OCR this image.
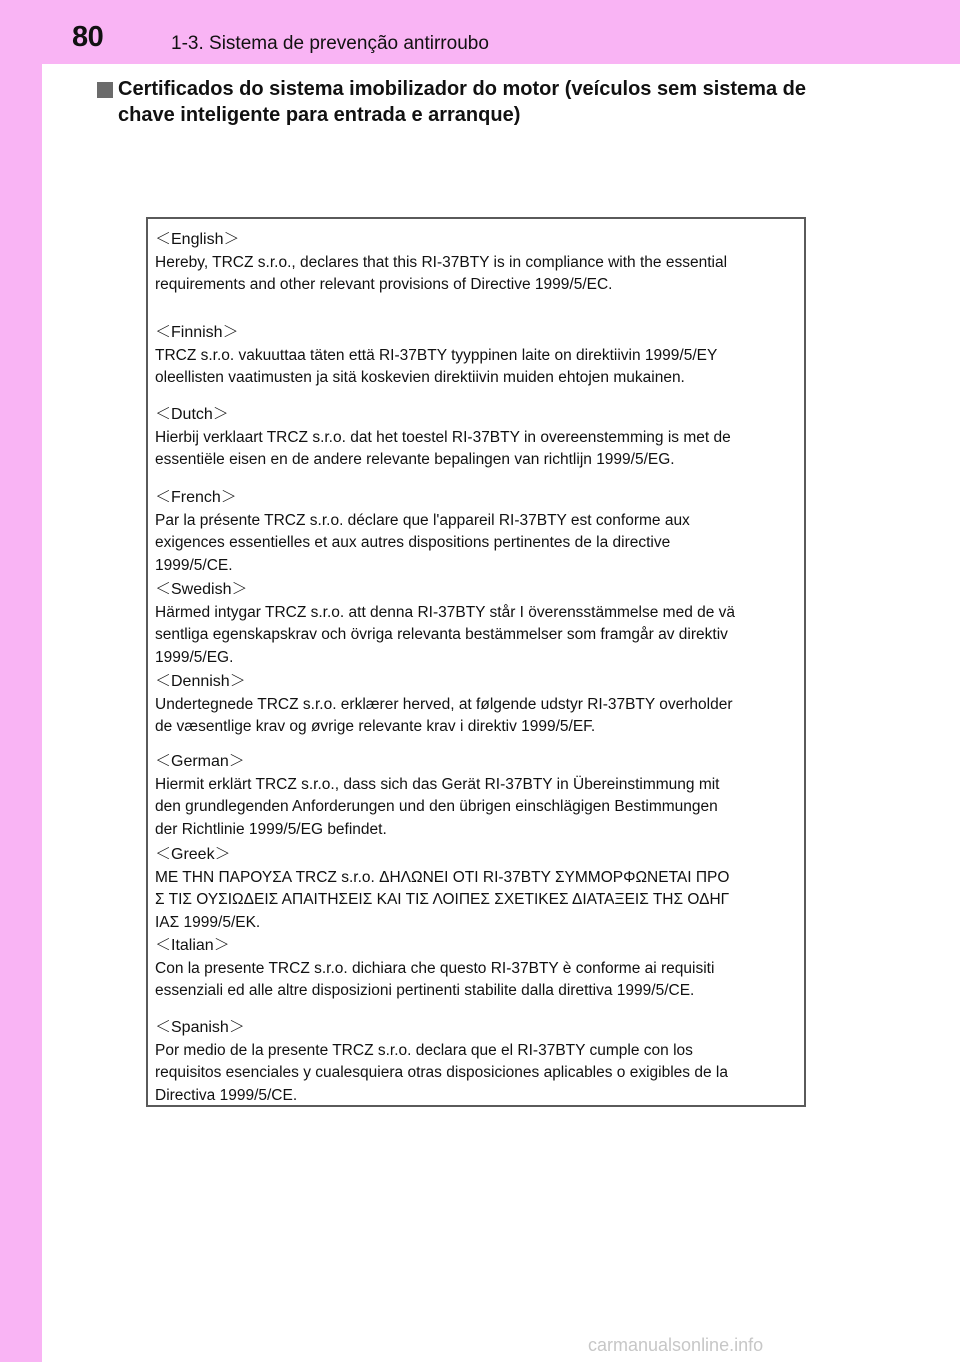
80	1-3. Sistema de prevenção antirroubo
Certificados do sistema imobilizador do motor (veículos sem sistema de
chave inteligente para entrada e arranque)
＜English＞
Hereby, TRCZ s.r.o., declares that this RI-37BTY is in compliance with the essential
requirements and other relevant provisions of Directive 1999/5/EC.
＜Finnish＞
TRCZ s.r.o. vakuuttaa täten että RI-37BTY tyyppinen laite on direktiivin 1999/5/EY
oleellisten vaatimusten ja sitä koskevien direktiivin muiden ehtojen mukainen.
＜Dutch＞
Hierbij verklaart TRCZ s.r.o. dat het toestel RI-37BTY in overeenstemming is met de
essentiële eisen en de andere relevante bepalingen van richtlijn 1999/5/EG.
＜French＞
Par la présente TRCZ s.r.o. déclare que l'appareil RI-37BTY est conforme aux
exigences essentielles et aux autres dispositions pertinentes de la directive
1999/5/CE.
＜Swedish＞
Härmed intygar TRCZ s.r.o. att denna RI-37BTY står I överensstämmelse med de vä
sentliga egenskapskrav och övriga relevanta bestämmelser som framgår av direktiv
1999/5/EG.
＜Dennish＞
Undertegnede TRCZ s.r.o. erklærer herved, at følgende udstyr RI-37BTY overholder
de væsentlige krav og øvrige relevante krav i direktiv 1999/5/EF.
＜German＞
Hiermit erklärt TRCZ s.r.o., dass sich das Gerät RI-37BTY in Übereinstimmung mit
den grundlegenden Anforderungen und den übrigen einschlägigen Bestimmungen
der Richtlinie 1999/5/EG befindet.
＜Greek＞
ΜΕ ΤΗΝ ΠΑΡΟΥΣΑ TRCZ s.r.o. ΔΗΛΩΝΕΙ ΟΤΙ RI-37BTY ΣΥΜΜΟΡΦΩΝΕΤΑΙ ΠΡΟ
Σ ΤΙΣ ΟΥΣΙΩΔΕΙΣ ΑΠΑΙΤΗΣΕΙΣ ΚΑΙ ΤΙΣ ΛΟΙΠΕΣ ΣΧΕΤΙΚΕΣ ΔΙΑΤΑΞΕΙΣ ΤΗΣ ΟΔΗΓ
ΙΑΣ 1999/5/ΕΚ.
＜Italian＞
Con la presente TRCZ s.r.o. dichiara che questo RI-37BTY è conforme ai requisiti
essenziali ed alle altre disposizioni pertinenti stabilite dalla direttiva 1999/5/CE.
＜Spanish＞
Por medio de la presente TRCZ s.r.o. declara que el RI-37BTY cumple con los
requisitos esenciales y cualesquiera otras disposiciones aplicables o exigibles de la
Directiva 1999/5/CE.
carmanualsonline.info
